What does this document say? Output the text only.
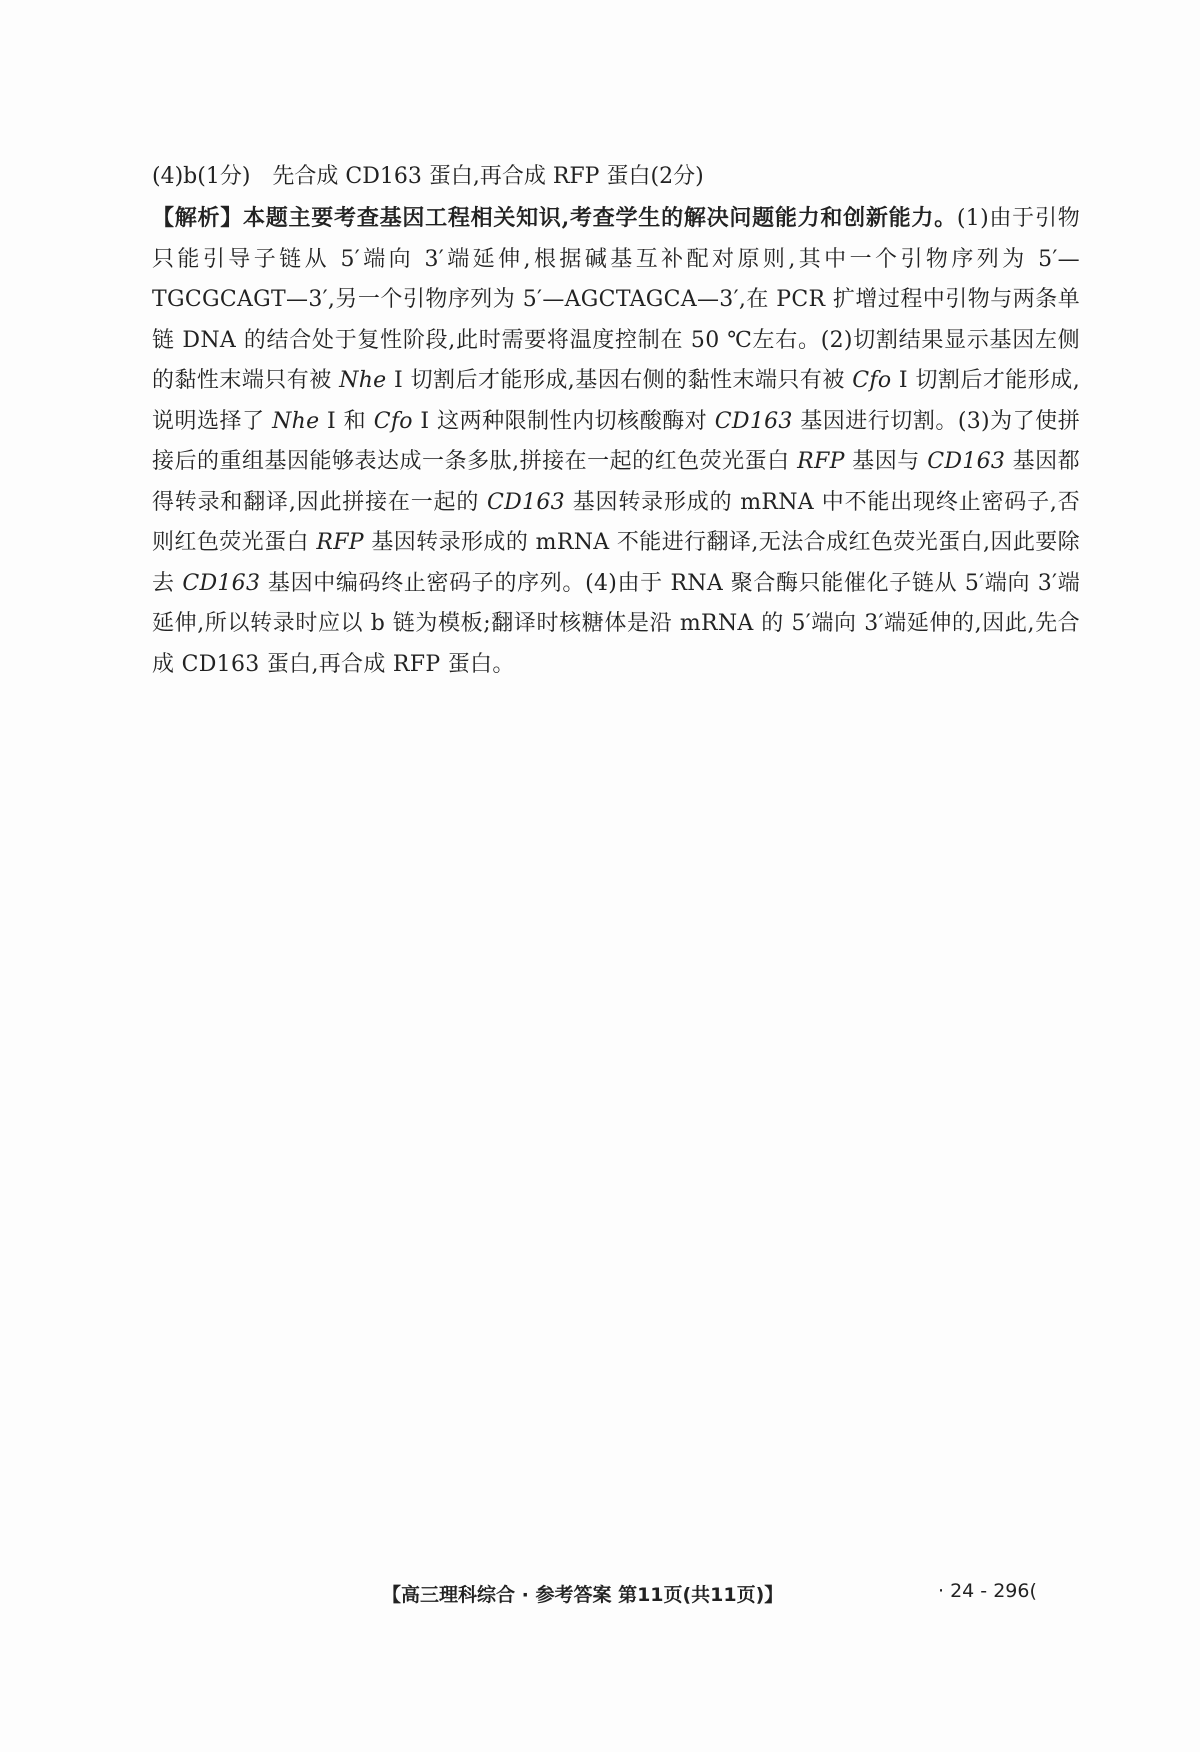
(4)b(1分) 先合成 CD163 蛋白,再合成 RFP 蛋白(2分)

【解析】本题主要考查基因工程相关知识,考查学生的解决问题能力和创新能力。(1)由于引物只能引导子链从 5′端向 3′端延伸,根据碱基互补配对原则,其中一个引物序列为 5′—TGCGCAGT—3′,另一个引物序列为 5′—AGCTAGCA—3′,在 PCR 扩增过程中引物与两条单链 DNA 的结合处于复性阶段,此时需要将温度控制在 50 ℃左右。(2)切割结果显示基因左侧的黏性末端只有被 Nhe Ⅰ 切割后才能形成,基因右侧的黏性末端只有被 Cfo Ⅰ 切割后才能形成,说明选择了 Nhe Ⅰ 和 Cfo Ⅰ 这两种限制性内切核酸酶对 CD163 基因进行切割。(3)为了使拼接后的重组基因能够表达成一条多肽,拼接在一起的红色荧光蛋白 RFP 基因与 CD163 基因都得转录和翻译,因此拼接在一起的 CD163 基因转录形成的 mRNA 中不能出现终止密码子,否则红色荧光蛋白 RFP 基因转录形成的 mRNA 不能进行翻译,无法合成红色荧光蛋白,因此要除去 CD163 基因中编码终止密码子的序列。(4)由于 RNA 聚合酶只能催化子链从 5′端向 3′端延伸,所以转录时应以 b 链为模板;翻译时核糖体是沿 mRNA 的 5′端向 3′端延伸的,因此,先合成 CD163 蛋白,再合成 RFP 蛋白。

【高三理科综合 · 参考答案 第11页(共11页)】	· 24 - 296(
